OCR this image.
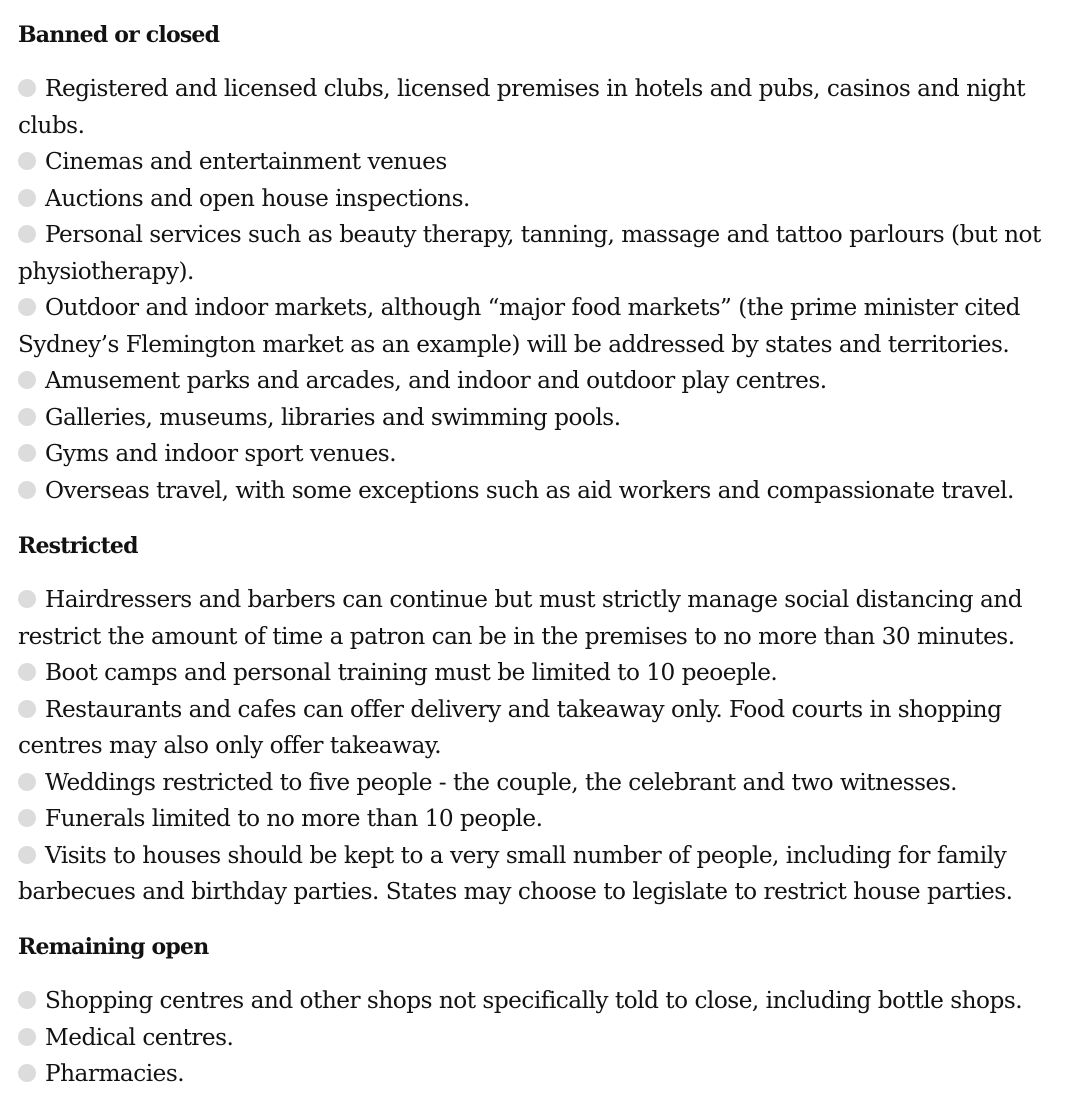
Banned or closed

Registered and licensed clubs, licensed premises in hotels and pubs, casinos and night clubs.

Cinemas and entertainment venues

Auctions and open house inspections.

Personal services such as beauty therapy, tanning, massage and tattoo parlours (but not physiotherapy).

Outdoor and indoor markets, although “major food markets” (the prime minister cited Sydney’s Flemington market as an example) will be addressed by states and territories.

Amusement parks and arcades, and indoor and outdoor play centres.

Galleries, museums, libraries and swimming pools.

Gyms and indoor sport venues.

Overseas travel, with some exceptions such as aid workers and compassionate travel.

Restricted

Hairdressers and barbers can continue but must strictly manage social distancing and restrict the amount of time a patron can be in the premises to no more than 30 minutes.

Boot camps and personal training must be limited to 10 peoeple.

Restaurants and cafes can offer delivery and takeaway only. Food courts in shopping centres may also only offer takeaway.

Weddings restricted to five people - the couple, the celebrant and two witnesses.

Funerals limited to no more than 10 people.

Visits to houses should be kept to a very small number of people, including for family barbecues and birthday parties. States may choose to legislate to restrict house parties.

Remaining open

Shopping centres and other shops not specifically told to close, including bottle shops.

Medical centres.

Pharmacies.
